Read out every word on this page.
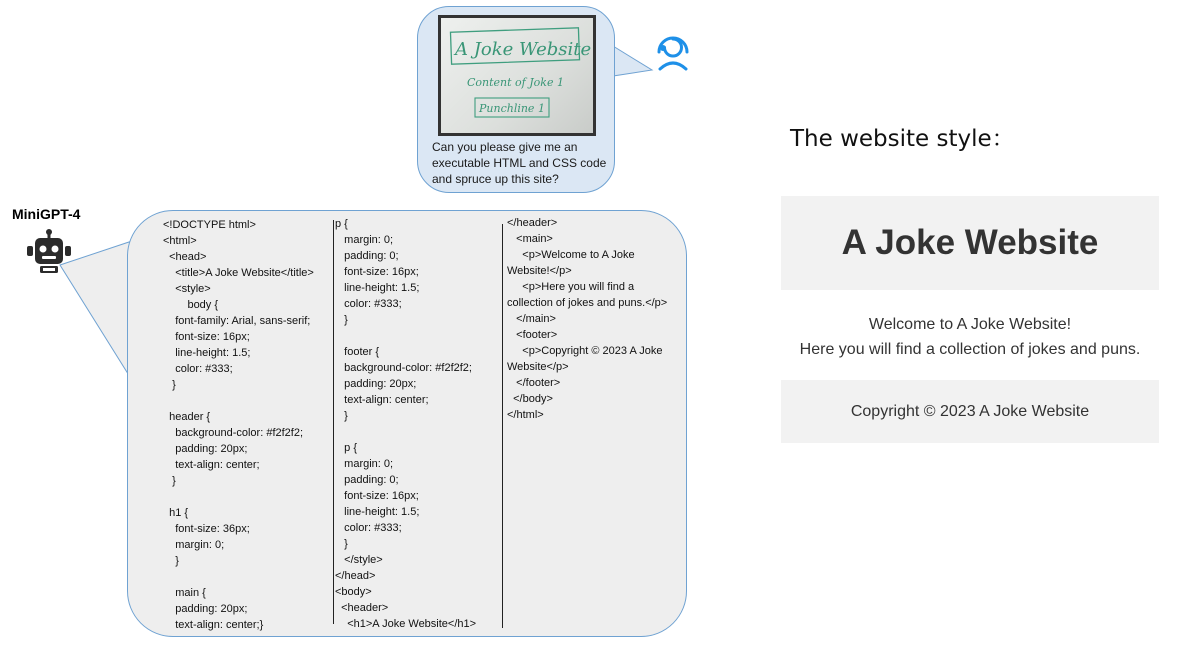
A Joke Website
Content of Joke 1
Punchline 1

Can you please give me an executable HTML and CSS code and spruce up this site?

MiniGPT-4
<!DOCTYPE html>
<html>
<head>
<title>A Joke Website</title>
<style>
body {
font-family: Arial, sans-serif;
font-size: 16px;
line-height: 1.5;
color: #333;
}

header {
background-color: #f2f2f2;
padding: 20px;
text-align: center;
}

h1 {
font-size: 36px;
margin: 0;
}

main {
padding: 20px;
text-align: center;}
p {
margin: 0;
padding: 0;
font-size: 16px;
line-height: 1.5;
color: #333;
}

footer {
background-color: #f2f2f2;
padding: 20px;
text-align: center;
}

p {
margin: 0;
padding: 0;
font-size: 16px;
line-height: 1.5;
color: #333;
}
</style>
</head>
<body>
<header>
<h1>A Joke Website</h1>
</header>
<main>
<p>Welcome to A Joke
Website!</p>
<p>Here you will find a
collection of jokes and puns.</p>
</main>
<footer>
<p>Copyright © 2023 A Joke
Website</p>
</footer>
</body>
</html>
The website style：
A Joke Website

Welcome to A Joke Website!

Here you will find a collection of jokes and puns.

Copyright © 2023 A Joke Website
